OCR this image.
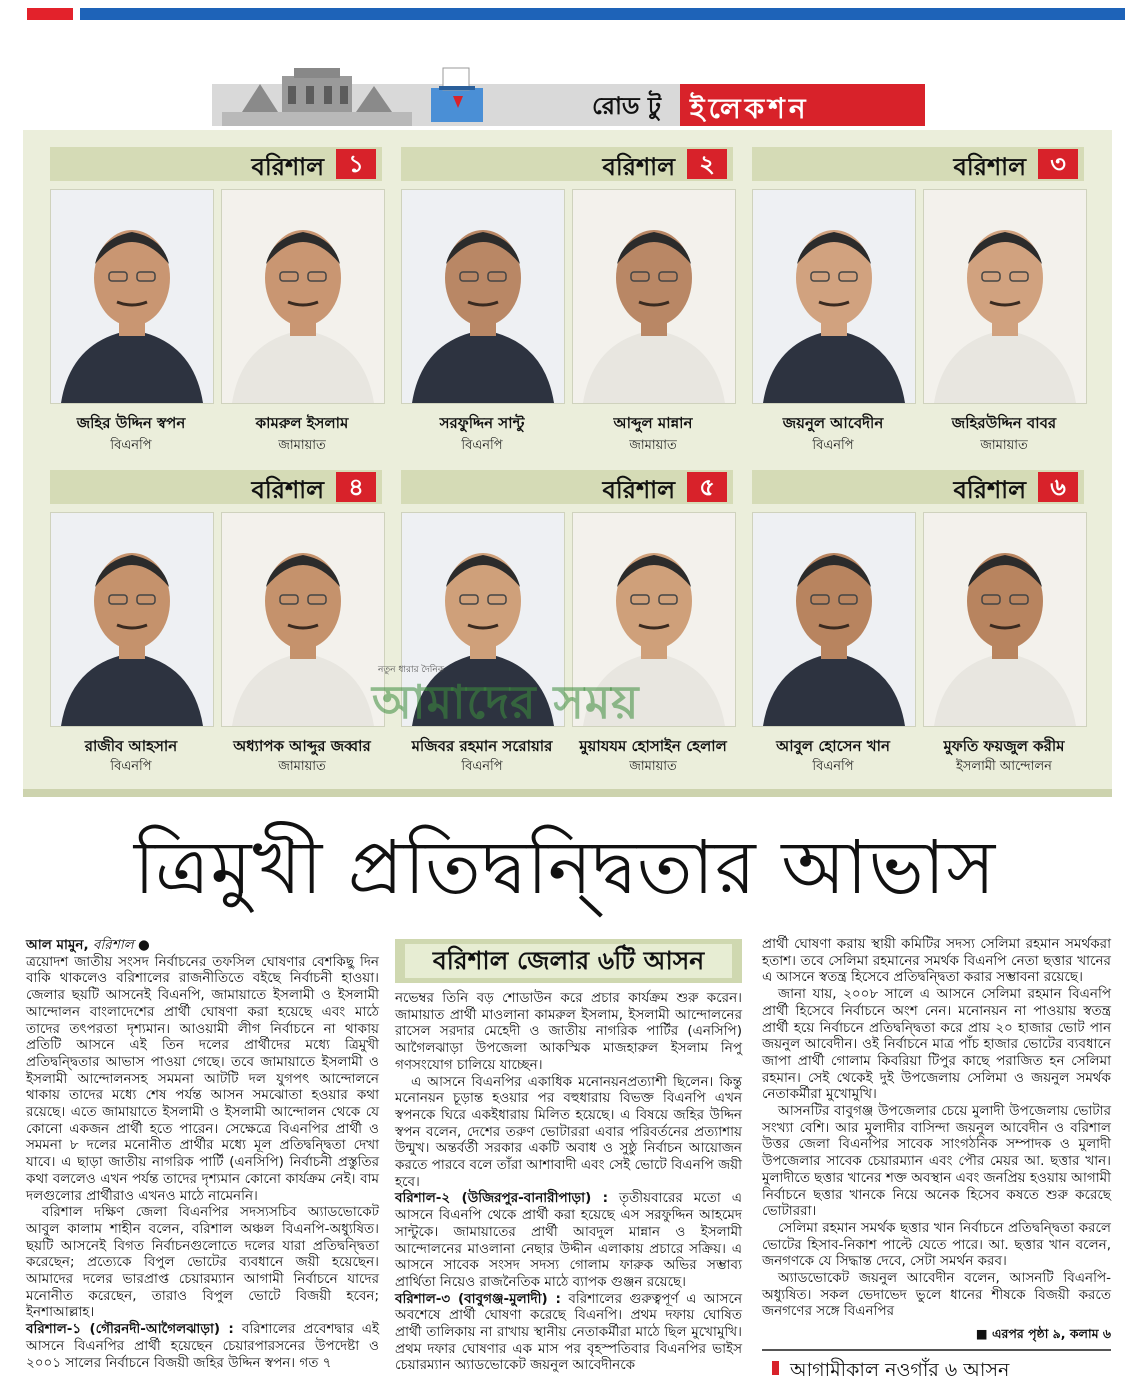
রোড টু ইলেকশন
বরিশাল	১
জহির উদ্দিন স্বপন
বিএনপি
কামরুল ইসলাম
জামায়াত
বরিশাল	২
সরফুদ্দিন সান্টু
বিএনপি
আব্দুল মান্নান
জামায়াত
বরিশাল	৩
জয়নুল আবেদীন
বিএনপি
জহিরউদ্দিন বাবর
জামায়াত
বরিশাল	৪
রাজীব আহসান
বিএনপি
অধ্যাপক আব্দুর জব্বার
জামায়াত
বরিশাল	৫
মজিবর রহমান সরোয়ার
বিএনপি
মুয়াযযম হোসাইন হেলাল
জামায়াত
বরিশাল	৬
আবুল হোসেন খান
বিএনপি
মুফতি ফয়জুল করীম
ইসলামী আন্দোলন
নতুন ধারার দৈনিক
আমাদের সময়
ত্রিমুখী প্রতিদ্বন্দ্বিতার আভাস

আল মামুন, বরিশাল ●

ত্রয়োদশ জাতীয় সংসদ নির্বাচনের তফসিল ঘোষণার বেশকিছু দিন বাকি থাকলেও বরিশালের রাজনীতিতে বইছে নির্বাচনী হাওয়া। জেলার ছয়টি আসনেই বিএনপি, জামায়াতে ইসলামী ও ইসলামী আন্দোলন বাংলাদেশের প্রার্থী ঘোষণা করা হয়েছে এবং মাঠে তাদের তৎপরতা দৃশ্যমান। আওয়ামী লীগ নির্বাচনে না থাকায় প্রতিটি আসনে এই তিন দলের প্রার্থীদের মধ্যে ত্রিমুখী প্রতিদ্বন্দ্বিতার আভাস পাওয়া গেছে। তবে জামায়াতে ইসলামী ও ইসলামী আন্দোলনসহ সমমনা আটটি দল যুগপৎ আন্দোলনে থাকায় তাদের মধ্যে শেষ পর্যন্ত আসন সমঝোতা হওয়ার কথা রয়েছে। এতে জামায়াতে ইসলামী ও ইসলামী আন্দোলন থেকে যে কোনো একজন প্রার্থী হতে পারেন। সেক্ষেত্রে বিএনপির প্রার্থী ও সমমনা ৮ দলের মনোনীত প্রার্থীর মধ্যে মূল প্রতিদ্বন্দ্বিতা দেখা যাবে। এ ছাড়া জাতীয় নাগরিক পার্টি (এনসিপি) নির্বাচনী প্রস্তুতির কথা বললেও এখন পর্যন্ত তাদের দৃশ্যমান কোনো কার্যক্রম নেই। বাম দলগুলোর প্রার্থীরাও এখনও মাঠে নামেননি।

বরিশাল দক্ষিণ জেলা বিএনপির সদস্যসচিব অ্যাডভোকেট আবুল কালাম শাহীন বলেন, বরিশাল অঞ্চল বিএনপি-অধ্যুষিত। ছয়টি আসনেই বিগত নির্বাচনগুলোতে দলের যারা প্রতিদ্বন্দ্বিতা করেছেন; প্রত্যেকে বিপুল ভোটের ব্যবধানে জয়ী হয়েছেন। আমাদের দলের ভারপ্রাপ্ত চেয়ারম্যান আগামী নির্বাচনে যাদের মনোনীত করেছেন, তারাও বিপুল ভোটে বিজয়ী হবেন; ইনশাআল্লাহ।

বরিশাল-১ (গৌরনদী-আগৈলঝাড়া) : বরিশালের প্রবেশদ্বার এই আসনে বিএনপির প্রার্থী হয়েছেন চেয়ারপারসনের উপদেষ্টা ও ২০০১ সালের নির্বাচনে বিজয়ী জহির উদ্দিন স্বপন। গত ৭

বরিশাল জেলার ৬টি আসন

নভেম্বর তিনি বড় শোডাউন করে প্রচার কার্যক্রম শুরু করেন। জামায়াত প্রার্থী মাওলানা কামরুল ইসলাম, ইসলামী আন্দোলনের রাসেল সরদার মেহেদী ও জাতীয় নাগরিক পার্টির (এনসিপি) আগৈলঝাড়া উপজেলা আকস্মিক মাজহারুল ইসলাম নিপু গণসংযোগ চালিয়ে যাচ্ছেন।

এ আসনে বিএনপির একাধিক মনোনয়নপ্রত্যাশী ছিলেন। কিন্তু মনোনয়ন চূড়ান্ত হওয়ার পর বহুধারায় বিভক্ত বিএনপি এখন স্বপনকে ঘিরে একইধারায় মিলিত হয়েছে। এ বিষয়ে জহির উদ্দিন স্বপন বলেন, দেশের তরুণ ভোটাররা এবার পরিবর্তনের প্রত্যাশায় উন্মুখ। অন্তর্বর্তী সরকার একটি অবাধ ও সুষ্ঠু নির্বাচন আয়োজন করতে পারবে বলে তাঁরা আশাবাদী এবং সেই ভোটে বিএনপি জয়ী হবে।

বরিশাল-২ (উজিরপুর-বানারীপাড়া) : তৃতীয়বারের মতো এ আসনে বিএনপি থেকে প্রার্থী করা হয়েছে এস সরফুদ্দিন আহমেদ সান্টুকে। জামায়াতের প্রার্থী আবদুল মান্নান ও ইসলামী আন্দোলনের মাওলানা নেছার উদ্দীন এলাকায় প্রচারে সক্রিয়। এ আসনে সাবেক সংসদ সদস্য গোলাম ফারুক অভির সম্ভাব্য প্রার্থিতা নিয়েও রাজনৈতিক মাঠে ব্যাপক গুঞ্জন রয়েছে।

বরিশাল-৩ (বাবুগঞ্জ-মুলাদী) : বরিশালের গুরুত্বপূর্ণ এ আসনে অবশেষে প্রার্থী ঘোষণা করেছে বিএনপি। প্রথম দফায় ঘোষিত প্রার্থী তালিকায় না রাখায় স্থানীয় নেতাকর্মীরা মাঠে ছিল মুখোমুখি। প্রথম দফার ঘোষণার এক মাস পর বৃহস্পতিবার বিএনপির ভাইস চেয়ারম্যান অ্যাডভোকেট জয়নুল আবেদীনকে

প্রার্থী ঘোষণা করায় স্থায়ী কমিটির সদস্য সেলিমা রহমান সমর্থকরা হতাশ। তবে সেলিমা রহমানের সমর্থক বিএনপি নেতা ছত্তার খানের এ আসনে স্বতন্ত্র হিসেবে প্রতিদ্বন্দ্বিতা করার সম্ভাবনা রয়েছে।

জানা যায়, ২০০৮ সালে এ আসনে সেলিমা রহমান বিএনপি প্রার্থী হিসেবে নির্বাচনে অংশ নেন। মনোনয়ন না পাওয়ায় স্বতন্ত্র প্রার্থী হয়ে নির্বাচনে প্রতিদ্বন্দ্বিতা করে প্রায় ২০ হাজার ভোট পান জয়নুল আবেদীন। ওই নির্বাচনে মাত্র পাঁচ হাজার ভোটের ব্যবধানে জাপা প্রার্থী গোলাম কিবরিয়া টিপুর কাছে পরাজিত হন সেলিমা রহমান। সেই থেকেই দুই উপজেলায় সেলিমা ও জয়নুল সমর্থক নেতাকর্মীরা মুখোমুখি।

আসনটির বাবুগঞ্জ উপজেলার চেয়ে মুলাদী উপজেলায় ভোটার সংখ্যা বেশি। আর মুলাদীর বাসিন্দা জয়নুল আবেদীন ও বরিশাল উত্তর জেলা বিএনপির সাবেক সাংগঠনিক সম্পাদক ও মুলাদী উপজেলার সাবেক চেয়ারম্যান এবং পৌর মেয়র আ. ছত্তার খান। মুলাদীতে ছত্তার খানের শক্ত অবস্থান এবং জনপ্রিয় হওয়ায় আগামী নির্বাচনে ছত্তার খানকে নিয়ে অনেক হিসেব কষতে শুরু করেছে ভোটাররা।

সেলিমা রহমান সমর্থক ছত্তার খান নির্বাচনে প্রতিদ্বন্দ্বিতা করলে ভোটের হিসাব-নিকাশ পাল্টে যেতে পারে। আ. ছত্তার খান বলেন, জনগণকে যে সিদ্ধান্ত দেবে, সেটা সমর্থন করব।

অ্যাডভোকেট জয়নুল আবেদীন বলেন, আসনটি বিএনপি-অধ্যুষিত। সকল ভেদাভেদ ভুলে ধানের শীষকে বিজয়ী করতে জনগণের সঙ্গে বিএনপির

■ এরপর পৃষ্ঠা ৯, কলাম ৬
আগামীকাল নওগাঁর ৬ আসন
